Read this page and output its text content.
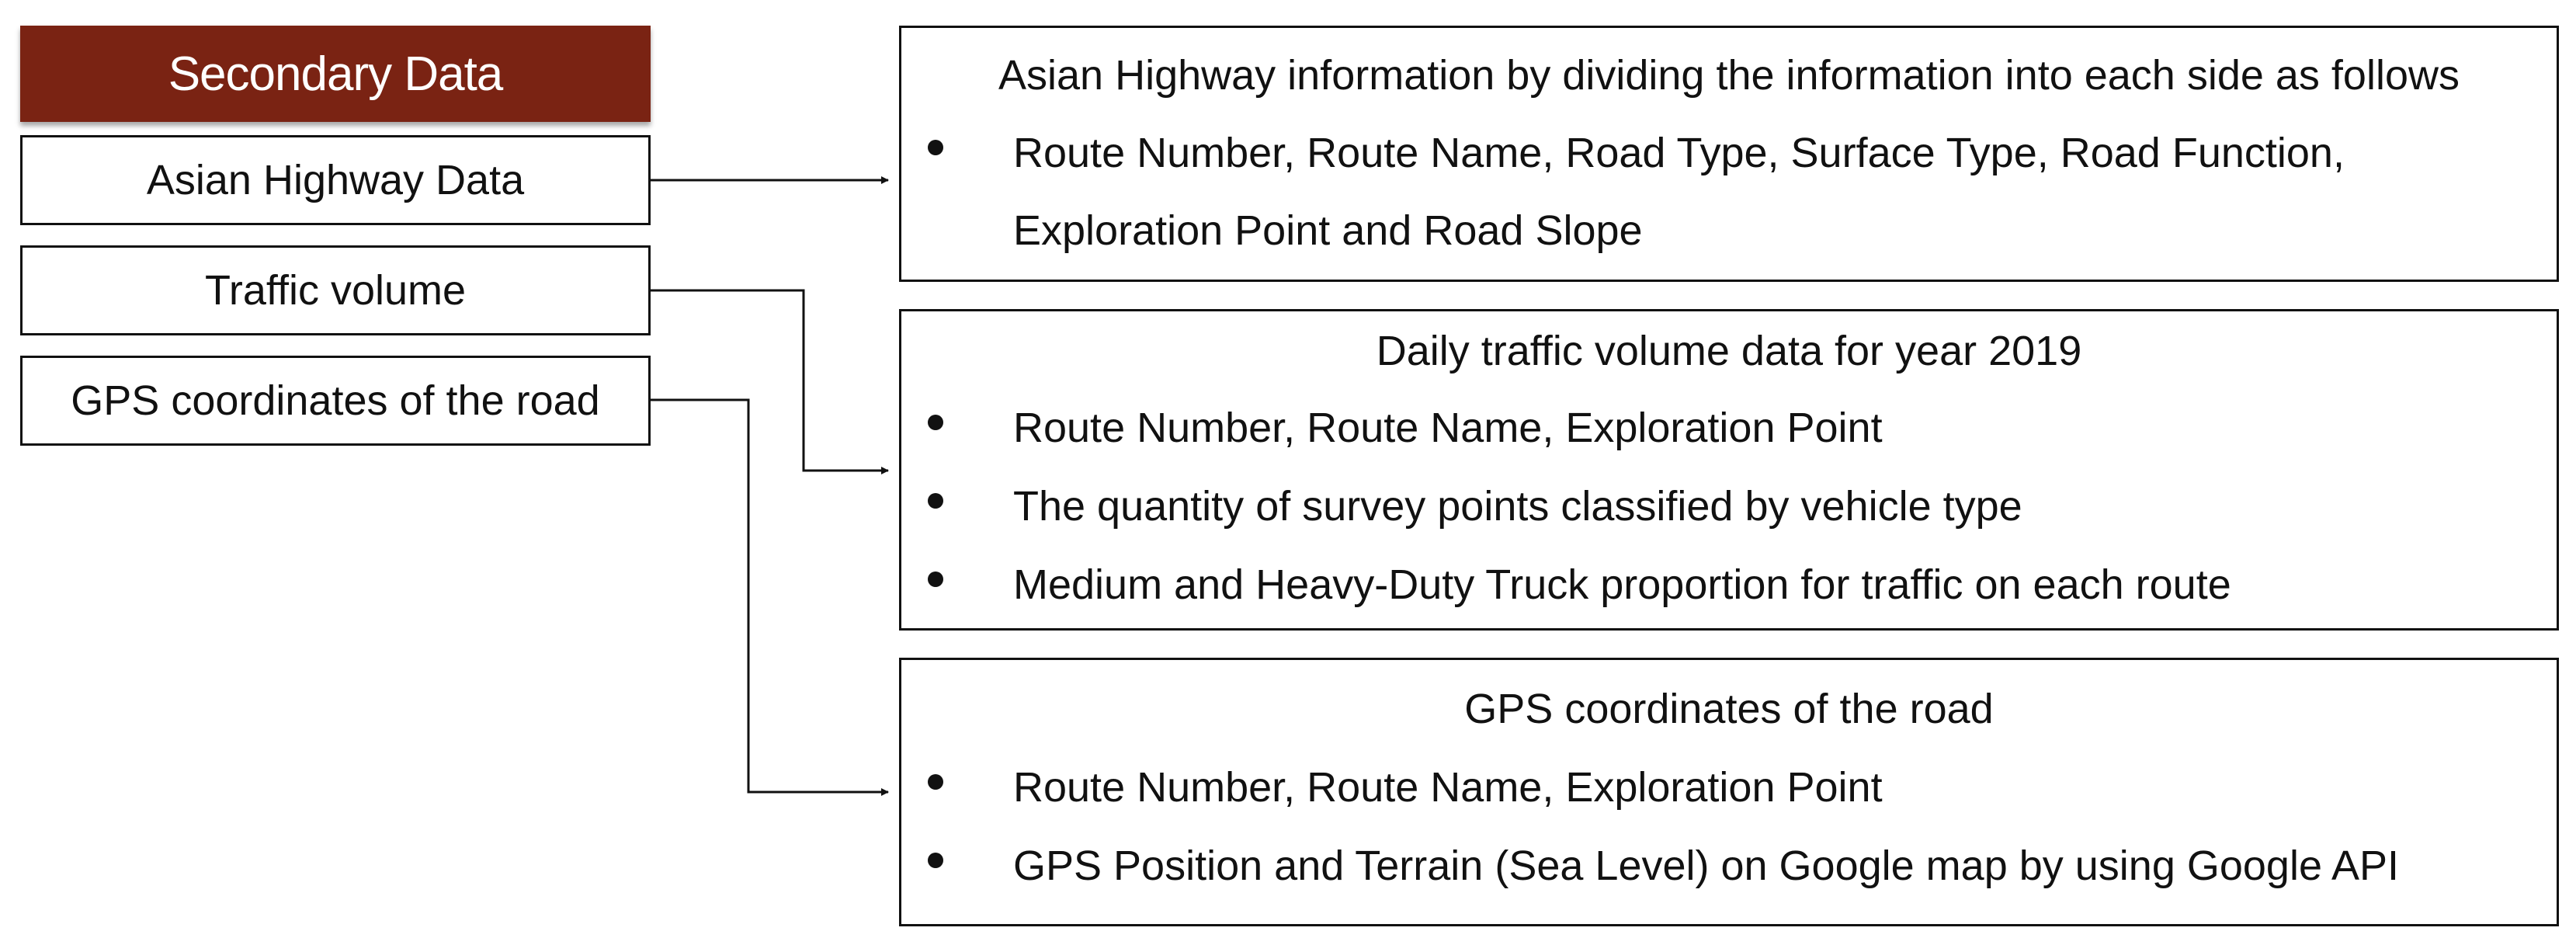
Secondary Data
Asian Highway Data
Traffic volume
GPS coordinates of the road
Asian Highway information by dividing the information into each side as follows
Route Number, Route Name, Road Type, Surface Type, Road Function,
Exploration Point and Road Slope
Daily traffic volume data for year 2019
Route Number, Route Name, Exploration Point
The quantity of survey points classified by vehicle type
Medium and Heavy-Duty Truck proportion for traffic on each route
GPS coordinates of the road
Route Number, Route Name, Exploration Point
GPS Position and Terrain (Sea Level) on Google map by using Google API
